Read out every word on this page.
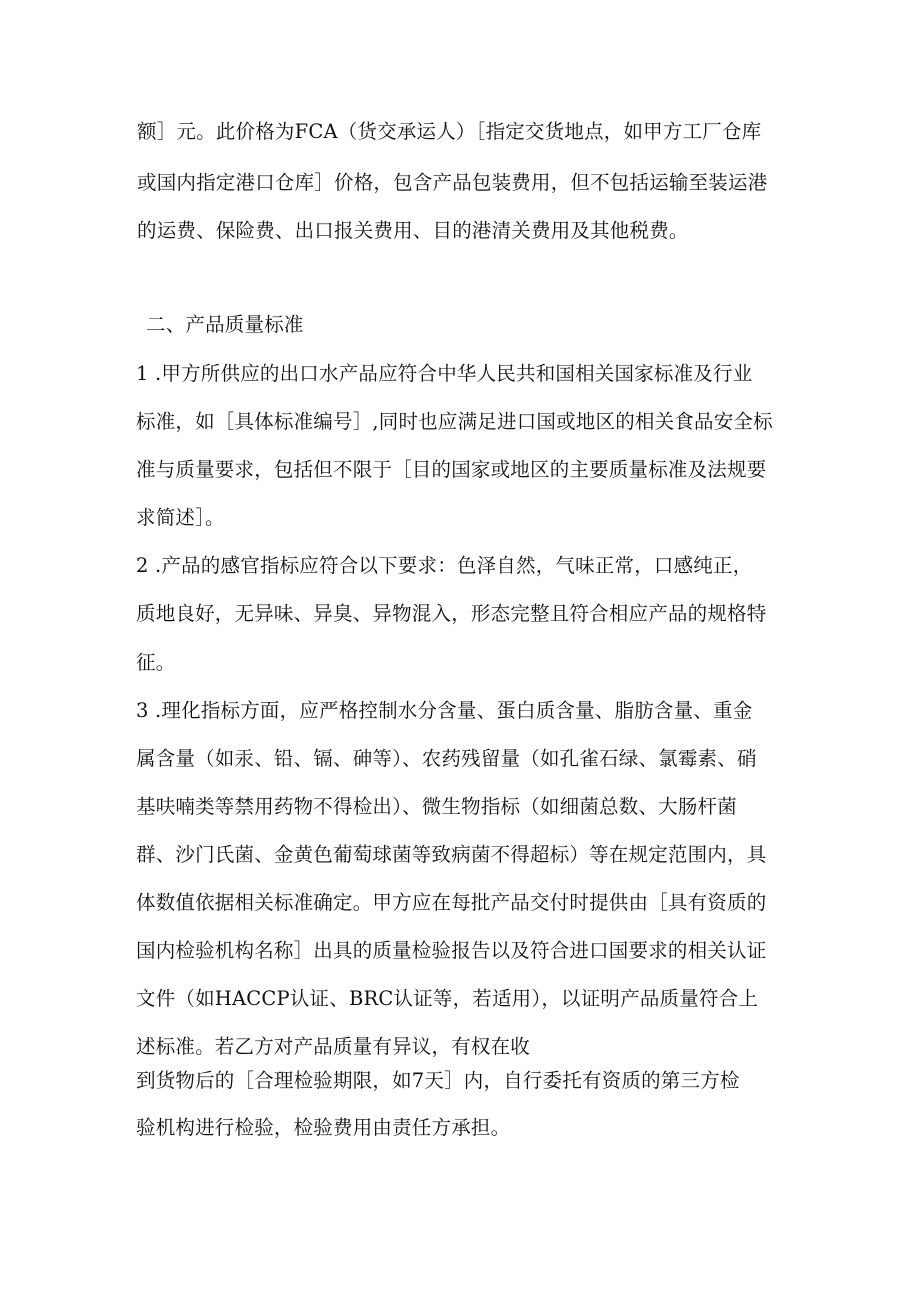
额］元。此价格为FCA（货交承运人）［指定交货地点，如甲方工厂仓库
或国内指定港口仓库］价格，包含产品包装费用，但不包括运输至装运港
的运费、保险费、出口报关费用、目的港清关费用及其他税费。
二、产品质量标准
1 .甲方所供应的出口水产品应符合中华人民共和国相关国家标准及行业
标准，如［具体标准编号］,同时也应满足进口国或地区的相关食品安全标
准与质量要求，包括但不限于［目的国家或地区的主要质量标准及法规要
求简述］。
2 .产品的感官指标应符合以下要求：色泽自然，气味正常，口感纯正，
质地良好，无异味、异臭、异物混入，形态完整且符合相应产品的规格特
征。
3 .理化指标方面，应严格控制水分含量、蛋白质含量、脂肪含量、重金
属含量（如汞、铅、镉、砷等）、农药残留量（如孔雀石绿、氯霉素、硝
基呋喃类等禁用药物不得检出）、微生物指标（如细菌总数、大肠杆菌
群、沙门氏菌、金黄色葡萄球菌等致病菌不得超标）等在规定范围内，具
体数值依据相关标准确定。甲方应在每批产品交付时提供由［具有资质的
国内检验机构名称］出具的质量检验报告以及符合进口国要求的相关认证
文件（如HACCP认证、BRC认证等，若适用），以证明产品质量符合上
述标准。若乙方对产品质量有异议，有权在收
到货物后的［合理检验期限，如7天］内，自行委托有资质的第三方检
验机构进行检验，检验费用由责任方承担。
